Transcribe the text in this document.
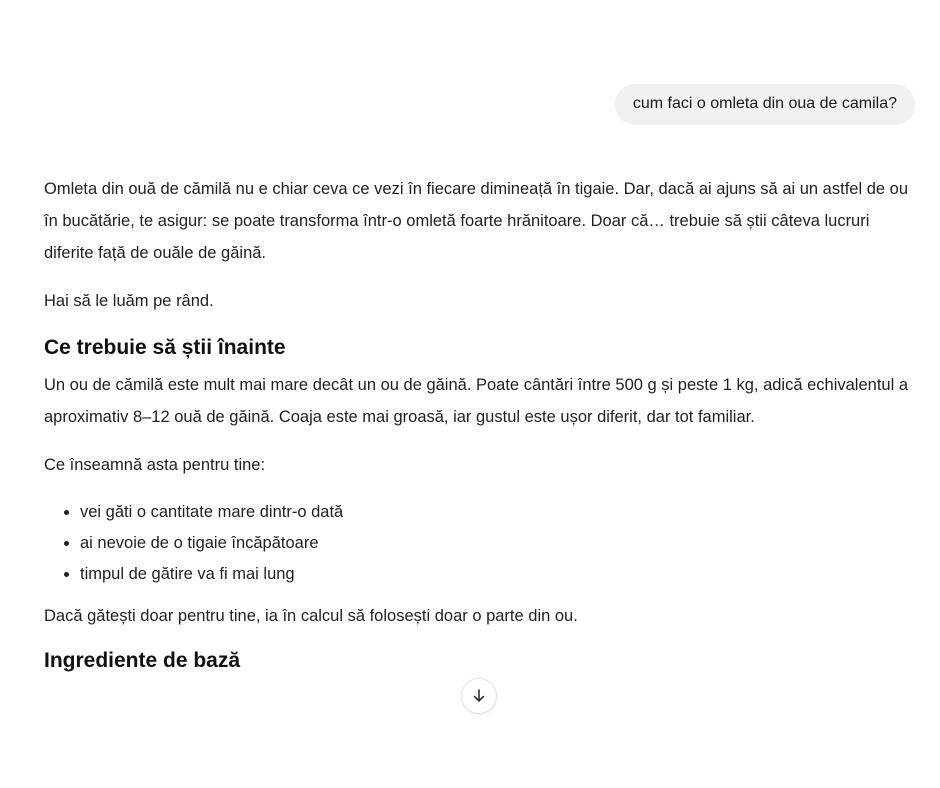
cum faci o omleta din oua de camila?

Omleta din ouă de cămilă nu e chiar ceva ce vezi în fiecare dimineață în tigaie. Dar, dacă ai ajuns să ai un astfel de ou în bucătărie, te asigur: se poate transforma într-o omletă foarte hrănitoare. Doar că… trebuie să știi câteva lucruri diferite față de ouăle de găină.

Hai să le luăm pe rând.

Ce trebuie să știi înainte

Un ou de cămilă este mult mai mare decât un ou de găină. Poate cântări între 500 g și peste 1 kg, adică echivalentul a aproximativ 8–12 ouă de găină. Coaja este mai groasă, iar gustul este ușor diferit, dar tot familiar.

Ce înseamnă asta pentru tine:

• vei găti o cantitate mare dintr-o dată
• ai nevoie de o tigaie încăpătoare
• timpul de gătire va fi mai lung

Dacă gătești doar pentru tine, ia în calcul să folosești doar o parte din ou.

Ingrediente de bază
